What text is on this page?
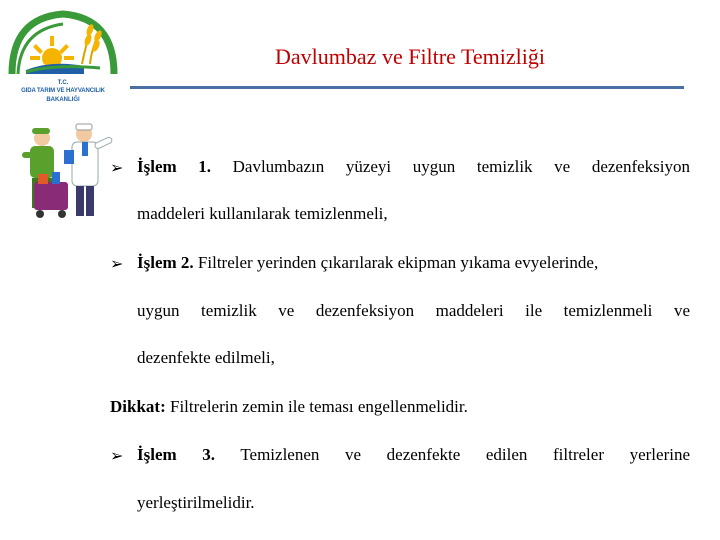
T.C.
GIDA TARIM VE HAYVANCILIK
BAKANLIĞI
Davlumbaz ve Filtre Temizliği
➢ İşlem 1. Davlumbazın yüzeyi uygun temizlik ve dezenfeksiyon
maddeleri kullanılarak temizlenmeli,
➢ İşlem 2. Filtreler yerinden çıkarılarak ekipman yıkama evyelerinde,
uygun temizlik ve dezenfeksiyon maddeleri ile temizlenmeli ve
dezenfekte edilmeli,
Dikkat: Filtrelerin zemin ile teması engellenmelidir.
➢ İşlem 3. Temizlenen ve dezenfekte edilen filtreler yerlerine
yerleştirilmelidir.
